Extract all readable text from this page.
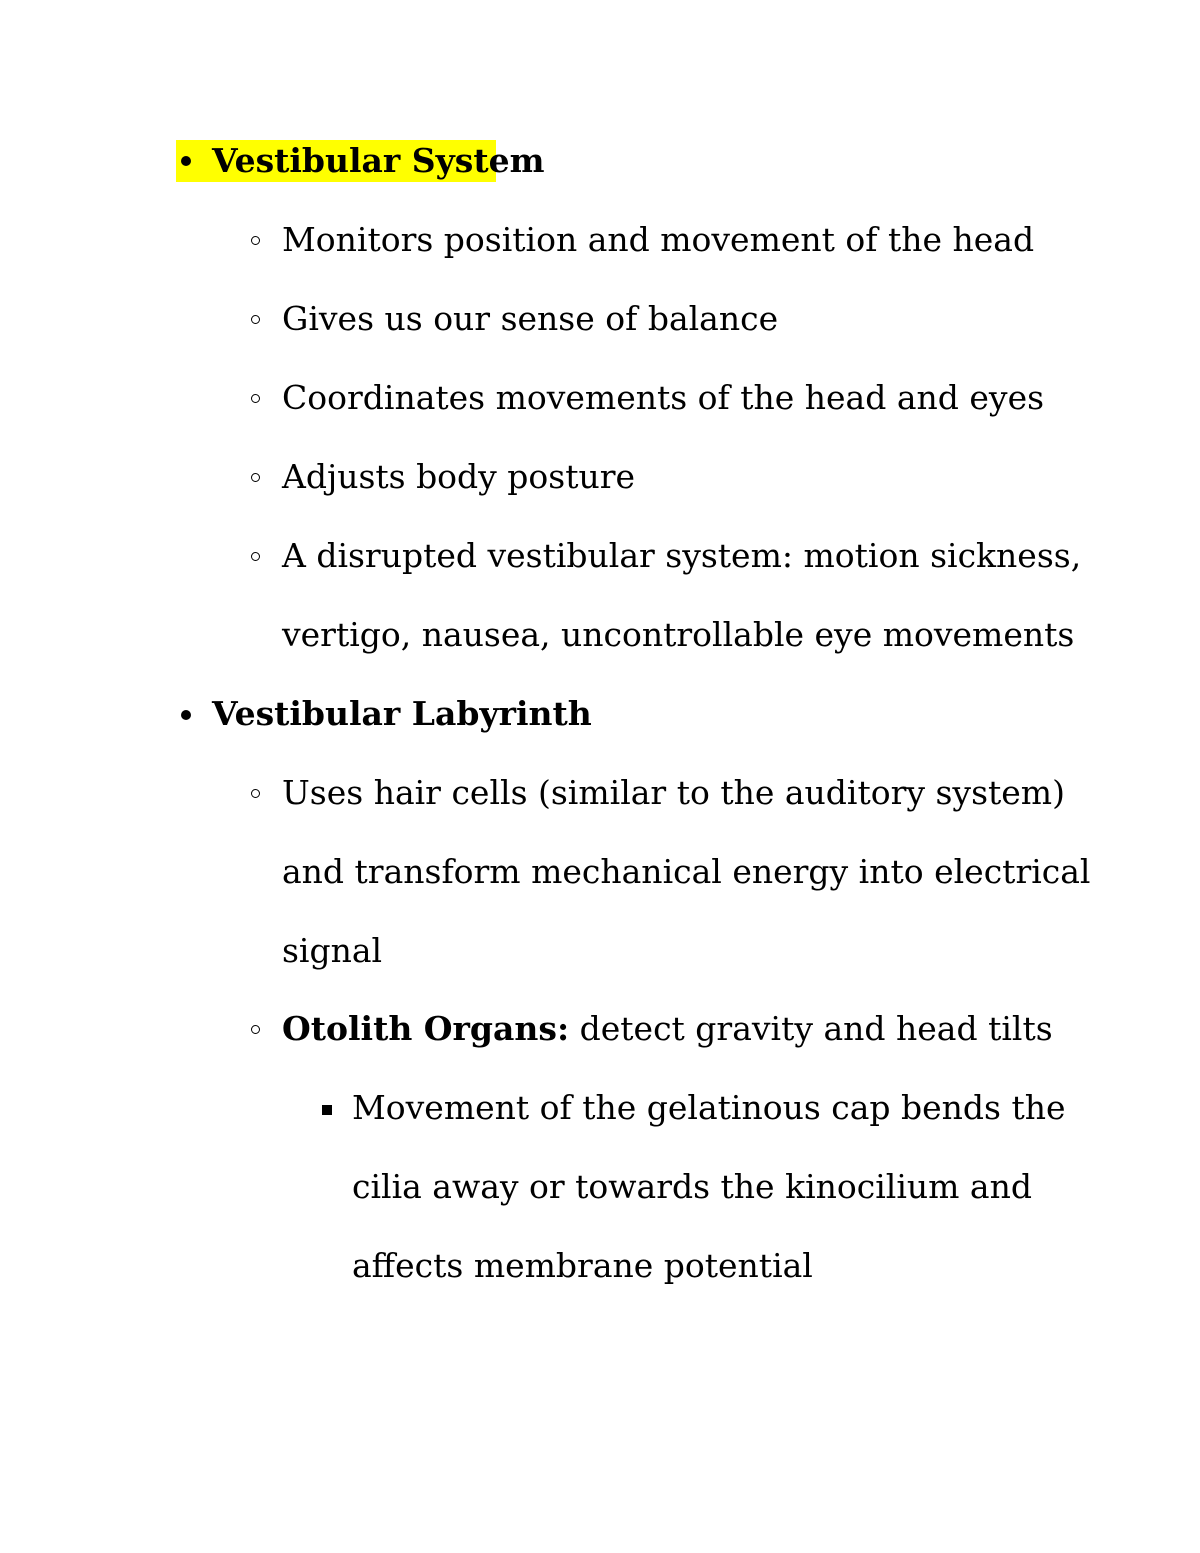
Vestibular System
Monitors position and movement of the head
Gives us our sense of balance
Coordinates movements of the head and eyes
Adjusts body posture
A disrupted vestibular system: motion sickness,
vertigo, nausea, uncontrollable eye movements
Vestibular Labyrinth
Uses hair cells (similar to the auditory system)
and transform mechanical energy into electrical
signal
Otolith Organs: detect gravity and head tilts
Movement of the gelatinous cap bends the
cilia away or towards the kinocilium and
affects membrane potential
